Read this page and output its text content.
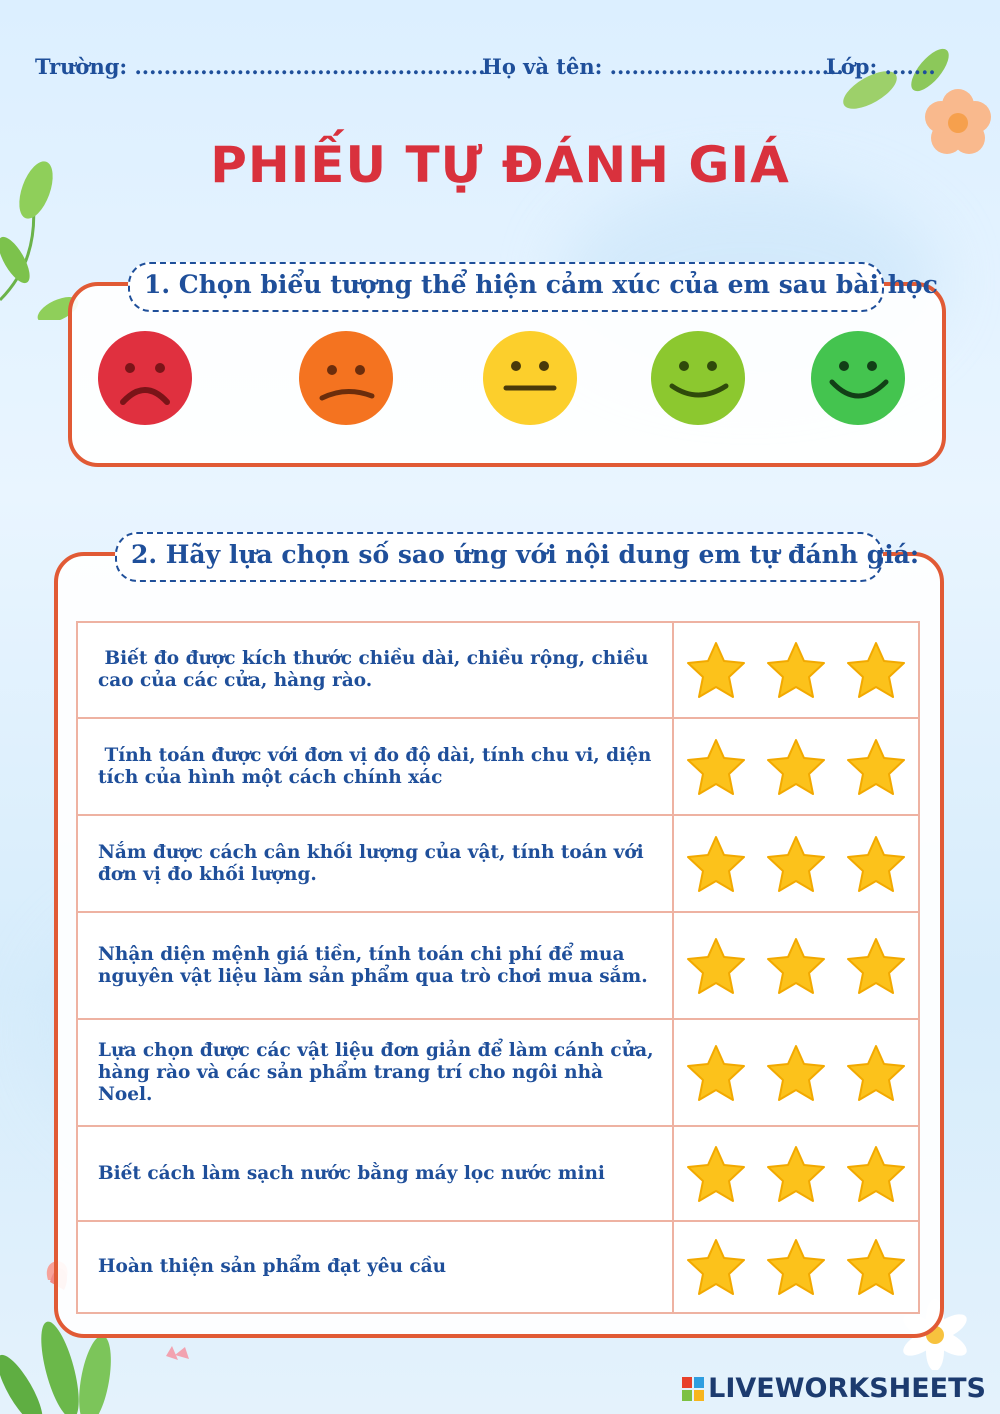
Trường: ................................................
Họ và tên: ................................
Lớp: .......
PHIẾU TỰ ĐÁNH GIÁ
1. Chọn biểu tượng thể hiện cảm xúc của em sau bài học
2. Hãy lựa chọn số sao ứng với nội dung em tự đánh giá:
Biết đo được kích thước chiều dài, chiều rộng, chiều
cao của các cửa, hàng rào.

Tính toán được với đơn vị đo độ dài, tính chu vi, diện
tích của hình một cách chính xác

Nắm được cách cân khối lượng của vật, tính toán với
đơn vị đo khối lượng.

Nhận diện mệnh giá tiền, tính toán chi phí để mua
nguyên vật liệu làm sản phẩm qua trò chơi mua sắm.

Lựa chọn được các vật liệu đơn giản để làm cánh cửa,
hàng rào và các sản phẩm trang trí cho ngôi nhà Noel.

Biết cách làm sạch nước bằng máy lọc nước mini

Hoàn thiện sản phẩm đạt yêu cầu

LIVEWORKSHEETS
